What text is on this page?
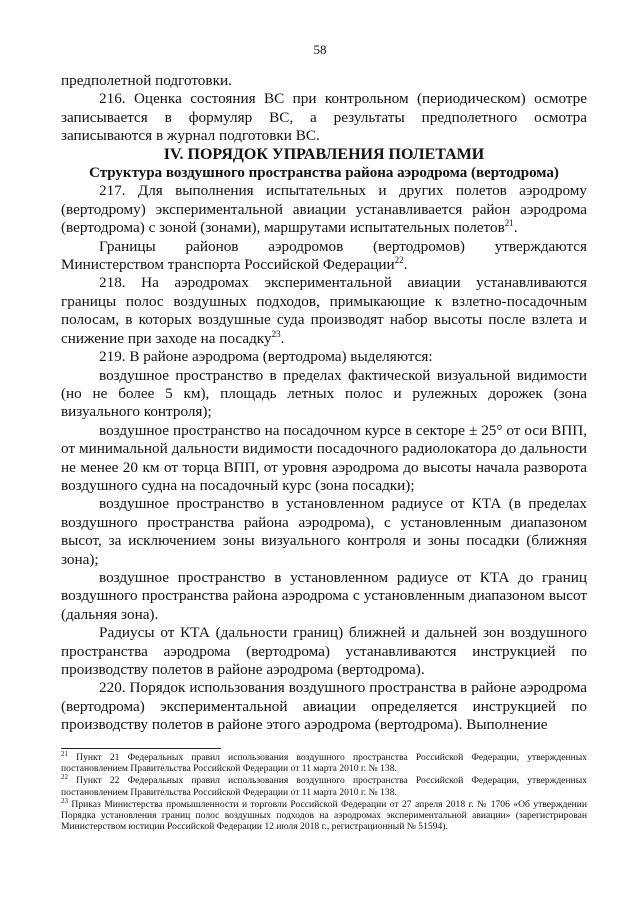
58

предполетной подготовки.

216. Оценка состояния ВС при контрольном (периодическом) осмотре записывается в формуляр ВС, а результаты предполетного осмотра записываются в журнал подготовки ВС.

IV. ПОРЯДОК УПРАВЛЕНИЯ ПОЛЕТАМИ

Структура воздушного пространства района аэродрома (вертодрома)

217. Для выполнения испытательных и других полетов аэродрому (вертодрому) экспериментальной авиации устанавливается район аэродрома (вертодрома) с зоной (зонами), маршрутами испытательных полетов$^{21}$.

Границы районов аэродромов (вертодромов) утверждаются Министерством транспорта Российской Федерации$^{22}$.

218. На аэродромах экспериментальной авиации устанавливаются границы полос воздушных подходов, примыкающие к взлетно-посадочным полосам, в которых воздушные суда производят набор высоты после взлета и снижение при заходе на посадку$^{23}$.

219. В районе аэродрома (вертодрома) выделяются:

воздушное пространство в пределах фактической визуальной видимости (но не более 5 км), площадь летных полос и рулежных дорожек (зона визуального контроля);

воздушное пространство на посадочном курсе в секторе ± 25° от оси ВПП, от минимальной дальности видимости посадочного радиолокатора до дальности не менее 20 км от торца ВПП, от уровня аэродрома до высоты начала разворота воздушного судна на посадочный курс (зона посадки);

воздушное пространство в установленном радиусе от КТА (в пределах воздушного пространства района аэродрома), с установленным диапазоном высот, за исключением зоны визуального контроля и зоны посадки (ближняя зона);

воздушное пространство в установленном радиусе от КТА до границ воздушного пространства района аэродрома с установленным диапазоном высот (дальняя зона).

Радиусы от КТА (дальности границ) ближней и дальней зон воздушного пространства аэродрома (вертодрома) устанавливаются инструкцией по производству полетов в районе аэродрома (вертодрома).

220. Порядок использования воздушного пространства в районе аэродрома (вертодрома) экспериментальной авиации определяется инструкцией по производству полетов в районе этого аэродрома (вертодрома). Выполнение

$^{21}$ Пункт 21 Федеральных правил использования воздушного пространства Российской Федерации, утвержденных постановлением Правительства Российской Федерации от 11 марта 2010 г. № 138.

$^{22}$ Пункт 22 Федеральных правил использования воздушного пространства Российской Федерации, утвержденных постановлением Правительства Российской Федерации от 11 марта 2010 г. № 138.

$^{23}$ Приказ Министерства промышленности и торговли Российской Федерации от 27 апреля 2018 г. № 1706 «Об утверждении Порядка установления границ полос воздушных подходов на аэродромах экспериментальной авиации» (зарегистрирован Министерством юстиции Российской Федерации 12 июля 2018 г., регистрационный № 51594).
